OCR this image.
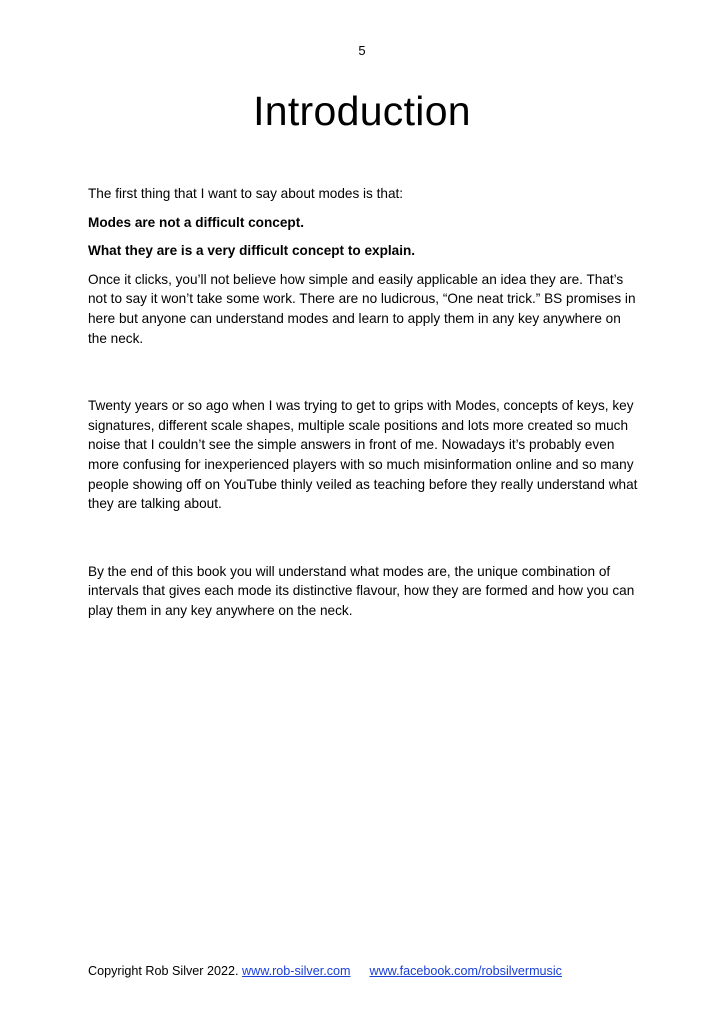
5
Introduction

The first thing that I want to say about modes is that:

Modes are not a difficult concept.

What they are is a very difficult concept to explain.

Once it clicks, you’ll not believe how simple and easily applicable an idea they are. That’s not to say it won’t take some work. There are no ludicrous, “One neat trick.” BS promises in here but anyone can understand modes and learn to apply them in any key anywhere on the neck.

Twenty years or so ago when I was trying to get to grips with Modes, concepts of keys, key signatures, different scale shapes, multiple scale positions and lots more created so much noise that I couldn’t see the simple answers in front of me. Nowadays it’s probably even more confusing for inexperienced players with so much misinformation online and so many people showing off on YouTube thinly veiled as teaching before they really understand what they are talking about.

By the end of this book you will understand what modes are, the unique combination of intervals that gives each mode its distinctive flavour, how they are formed and how you can play them in any key anywhere on the neck.

Copyright Rob Silver 2022. www.rob-silver.com www.facebook.com/robsilvermusic
